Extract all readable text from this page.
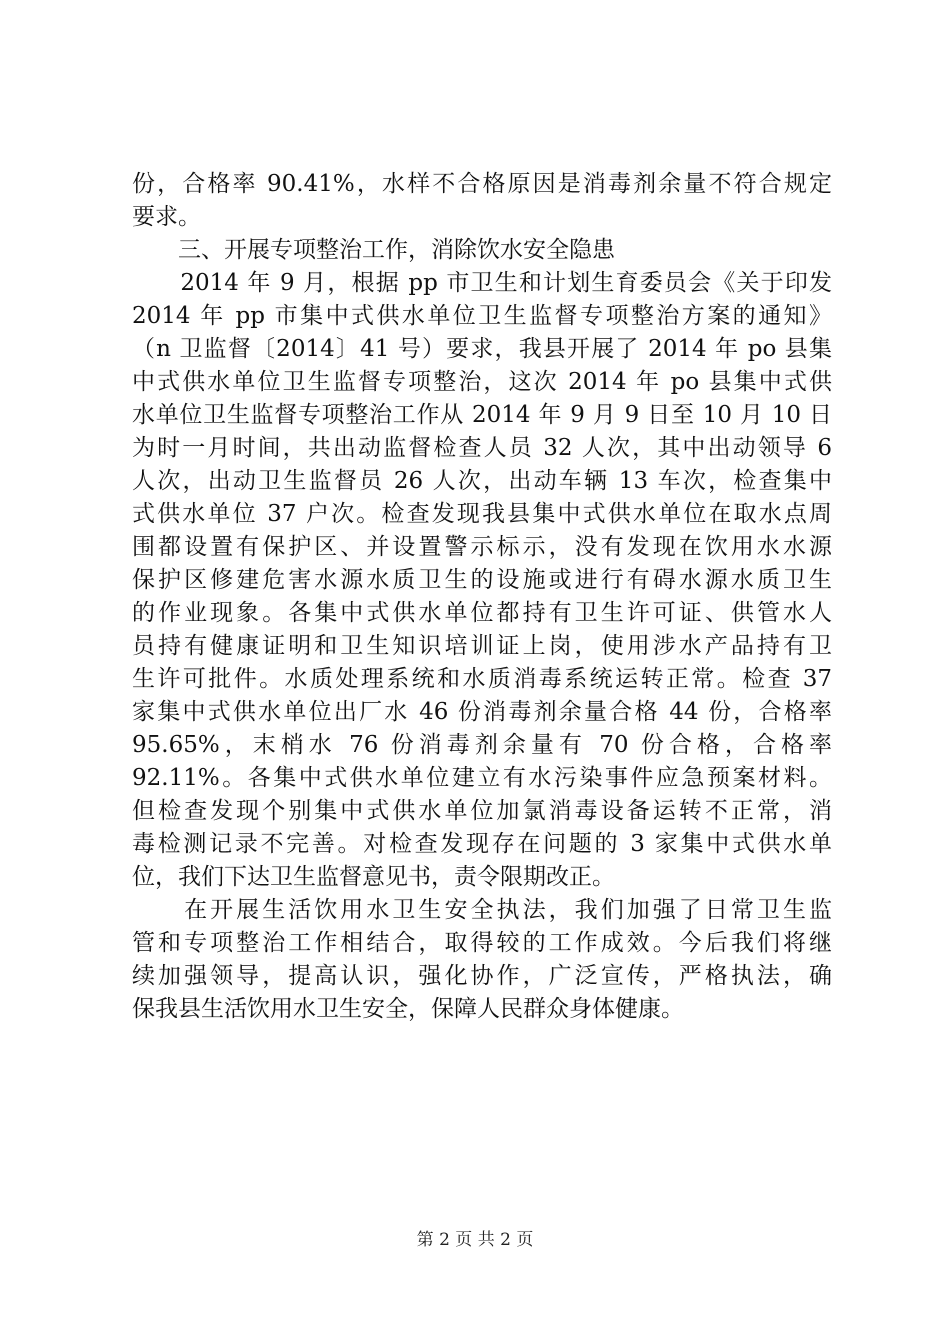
份，合格率 90.41%，水样不合格原因是消毒剂余量不符合规定
要求。
　　三、开展专项整治工作，消除饮水安全隐患
　　2014 年 9 月，根据 pp 市卫生和计划生育委员会《关于印发
2014 年 pp 市集中式供水单位卫生监督专项整治方案的通知》
（n 卫监督〔2014〕41 号）要求，我县开展了 2014 年 po 县集
中式供水单位卫生监督专项整治，这次 2014 年 po 县集中式供
水单位卫生监督专项整治工作从 2014 年 9 月 9 日至 10 月 10 日
为时一月时间，共出动监督检查人员 32 人次，其中出动领导 6
人次，出动卫生监督员 26 人次，出动车辆 13 车次，检查集中
式供水单位 37 户次。检查发现我县集中式供水单位在取水点周
围都设置有保护区、并设置警示标示，没有发现在饮用水水源
保护区修建危害水源水质卫生的设施或进行有碍水源水质卫生
的作业现象。各集中式供水单位都持有卫生许可证、供管水人
员持有健康证明和卫生知识培训证上岗，使用涉水产品持有卫
生许可批件。水质处理系统和水质消毒系统运转正常。检查 37
家集中式供水单位出厂水 46 份消毒剂余量合格 44 份，合格率
95.65%，末梢水 76 份消毒剂余量有 70 份合格，合格率
92.11%。各集中式供水单位建立有水污染事件应急预案材料。
但检查发现个别集中式供水单位加氯消毒设备运转不正常，消
毒检测记录不完善。对检查发现存在问题的 3 家集中式供水单
位，我们下达卫生监督意见书，责令限期改正。
　　在开展生活饮用水卫生安全执法，我们加强了日常卫生监
管和专项整治工作相结合，取得较的工作成效。今后我们将继
续加强领导，提高认识，强化协作，广泛宣传，严格执法，确
保我县生活饮用水卫生安全，保障人民群众身体健康。
第 2 页 共 2 页
